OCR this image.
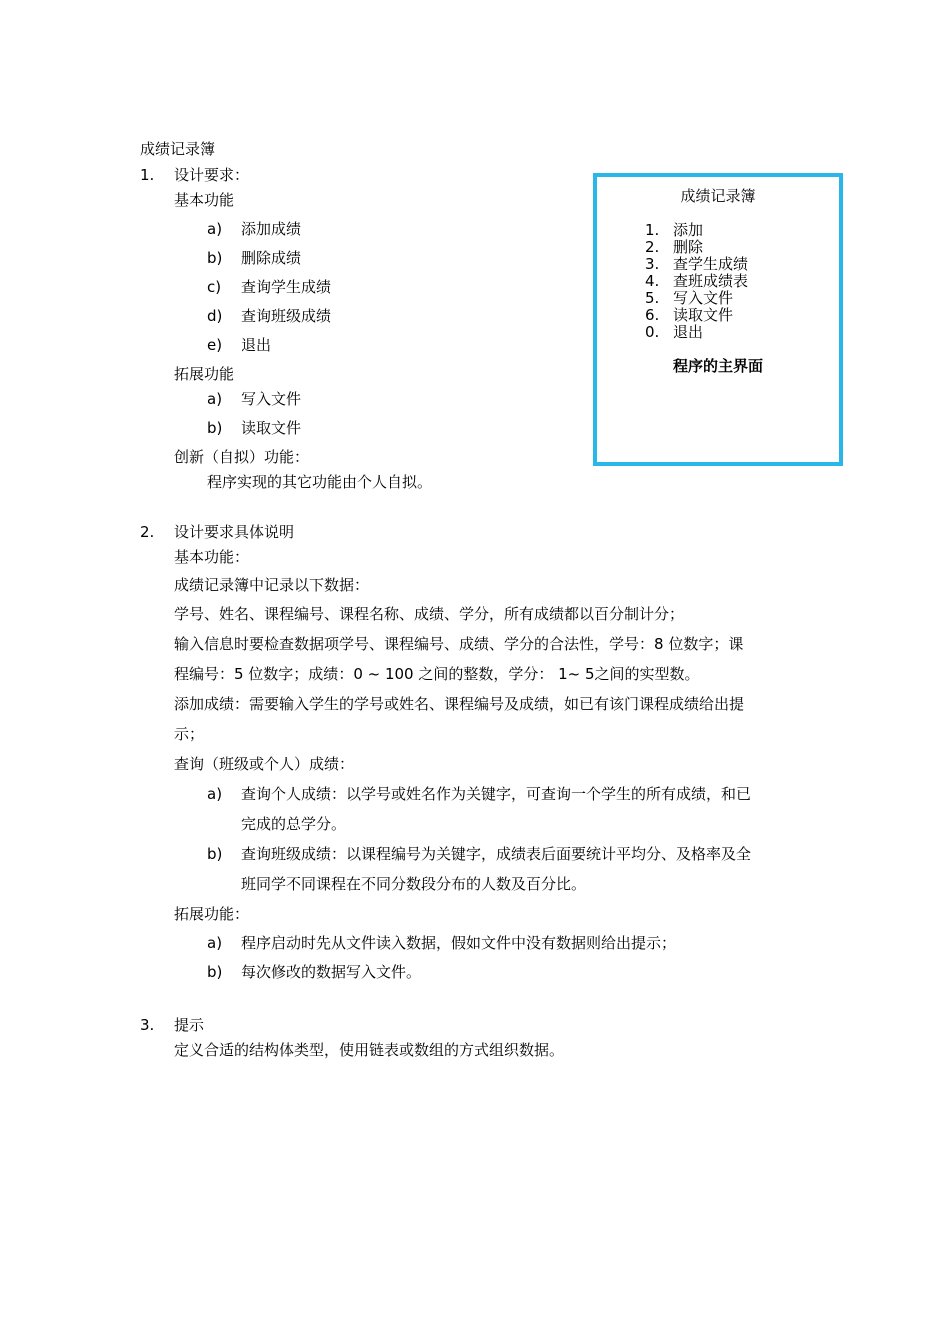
成绩记录簿
1. 设计要求：
基本功能
a) 添加成绩
b) 删除成绩
c) 查询学生成绩
d) 查询班级成绩
e) 退出
拓展功能
a) 写入文件
b) 读取文件
创新（自拟）功能：
程序实现的其它功能由个人自拟。
成绩记录簿
1. 添加
2. 删除
3. 查学生成绩
4. 查班成绩表
5. 写入文件
6. 读取文件
0. 退出
程序的主界面
2. 设计要求具体说明
基本功能：
成绩记录簿中记录以下数据：
学号、姓名、课程编号、课程名称、成绩、学分，所有成绩都以百分制计分；
输入信息时要检查数据项学号、课程编号、成绩、学分的合法性，学号：8 位数字；课
程编号：5 位数字；成绩：0 ~ 100 之间的整数，学分： 1~ 5之间的实型数。
添加成绩：需要输入学生的学号或姓名、课程编号及成绩，如已有该门课程成绩给出提
示；
查询（班级或个人）成绩：
a) 查询个人成绩：以学号或姓名作为关键字，可查询一个学生的所有成绩，和已
完成的总学分。
b) 查询班级成绩：以课程编号为关键字，成绩表后面要统计平均分、及格率及全
班同学不同课程在不同分数段分布的人数及百分比。
拓展功能：
a) 程序启动时先从文件读入数据，假如文件中没有数据则给出提示；
b) 每次修改的数据写入文件。
3. 提示
定义合适的结构体类型，使用链表或数组的方式组织数据。
